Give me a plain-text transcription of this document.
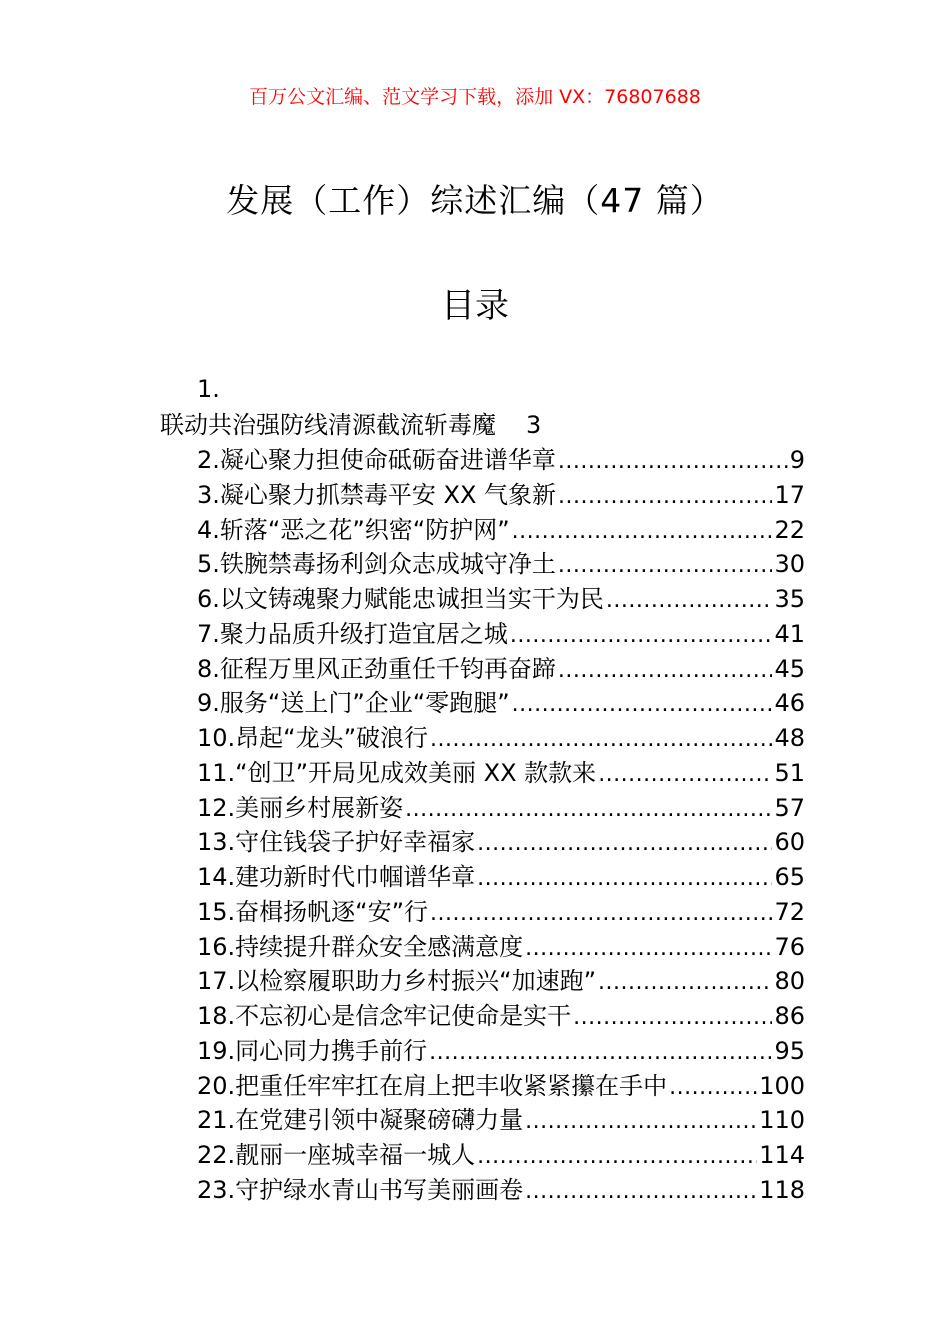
百万公文汇编、范文学习下载，添加 VX：76807688
发展（工作）综述汇编（47 篇）
目录
1.
联动共治强防线清源截流斩毒魔 3
2.凝心聚力担使命砥砺奋进谱华章 .....	9
3.凝心聚力抓禁毒平安 XX 气象新 .....	17
4.斩落“恶之花”织密“防护网” .....	22
5.铁腕禁毒扬利剑众志成城守净土 .....	30
6.以文铸魂聚力赋能忠诚担当实干为民 .....	35
7.聚力品质升级打造宜居之城 .....	41
8.征程万里风正劲重任千钧再奋蹄 .....	45
9.服务“送上门”企业“零跑腿” .....	46
10.昂起“龙头”破浪行 .....	48
11.“创卫”开局见成效美丽 XX 款款来 .....	51
12.美丽乡村展新姿 .....	57
13.守住钱袋子护好幸福家 .....	60
14.建功新时代巾帼谱华章 .....	65
15.奋楫扬帆逐“安”行 .....	72
16.持续提升群众安全感满意度 .....	76
17.以检察履职助力乡村振兴“加速跑” .....	80
18.不忘初心是信念牢记使命是实干 .....	86
19.同心同力携手前行 .....	95
20.把重任牢牢扛在肩上把丰收紧紧攥在手中 .....	100
21.在党建引领中凝聚磅礴力量 .....	110
22.靓丽一座城幸福一城人 .....	114
23.守护绿水青山书写美丽画卷 .....	118
